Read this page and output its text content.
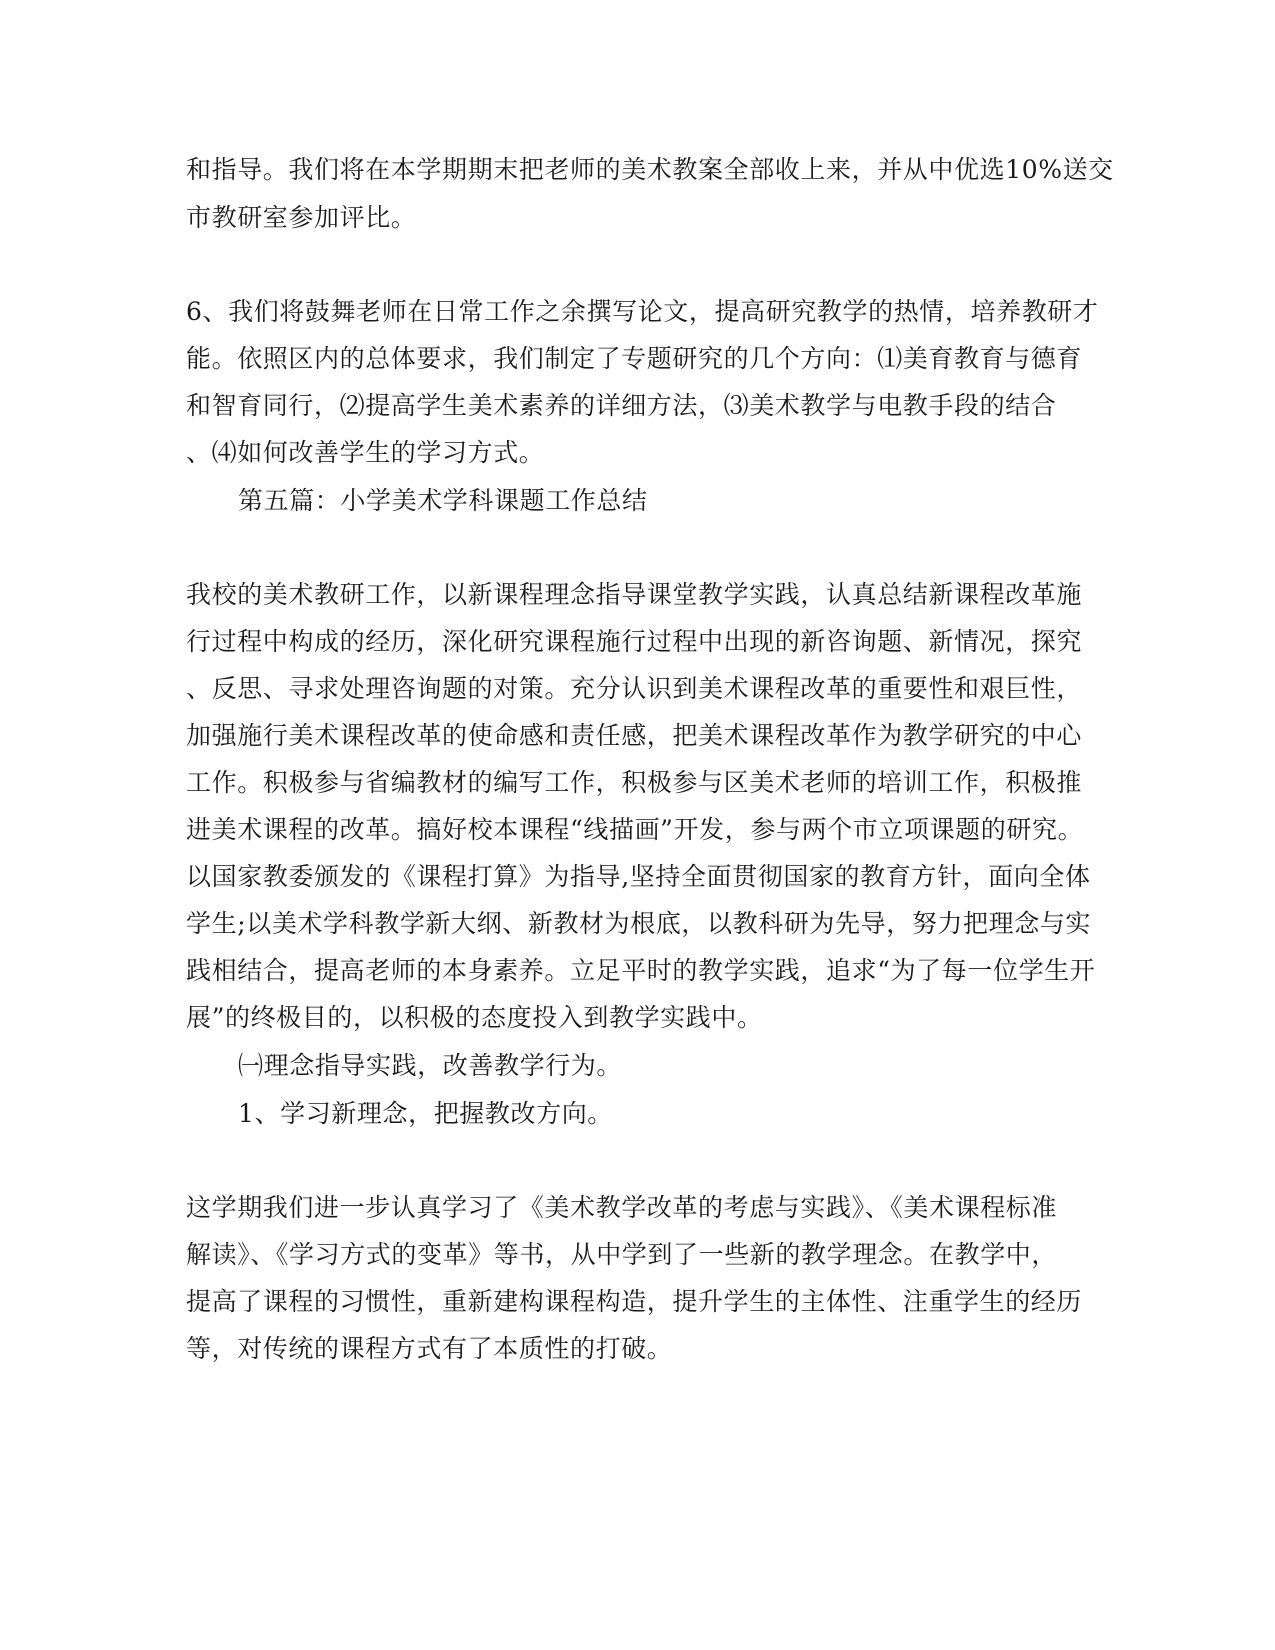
和指导。我们将在本学期期末把老师的美术教案全部收上来，并从中优选10%送交
市教研室参加评比。
6、我们将鼓舞老师在日常工作之余撰写论文，提高研究教学的热情，培养教研才
能。依照区内的总体要求，我们制定了专题研究的几个方向：⑴美育教育与德育
和智育同行，⑵提高学生美术素养的详细方法，⑶美术教学与电教手段的结合
、⑷如何改善学生的学习方式。
第五篇：小学美术学科课题工作总结
我校的美术教研工作，以新课程理念指导课堂教学实践，认真总结新课程改革施
行过程中构成的经历，深化研究课程施行过程中出现的新咨询题、新情况，探究
、反思、寻求处理咨询题的对策。充分认识到美术课程改革的重要性和艰巨性，
加强施行美术课程改革的使命感和责任感，把美术课程改革作为教学研究的中心
工作。积极参与省编教材的编写工作，积极参与区美术老师的培训工作，积极推
进美术课程的改革。搞好校本课程“线描画”开发，参与两个市立项课题的研究。
以国家教委颁发的《课程打算》为指导,坚持全面贯彻国家的教育方针，面向全体
学生;以美术学科教学新大纲、新教材为根底，以教科研为先导，努力把理念与实
践相结合，提高老师的本身素养。立足平时的教学实践，追求“为了每一位学生开
展”的终极目的，以积极的态度投入到教学实践中。
㈠理念指导实践，改善教学行为。
1、学习新理念，把握教改方向。
这学期我们进一步认真学习了《美术教学改革的考虑与实践》、《美术课程标准
解读》、《学习方式的变革》等书，从中学到了一些新的教学理念。在教学中，
提高了课程的习惯性，重新建构课程构造，提升学生的主体性、注重学生的经历
等，对传统的课程方式有了本质性的打破。
